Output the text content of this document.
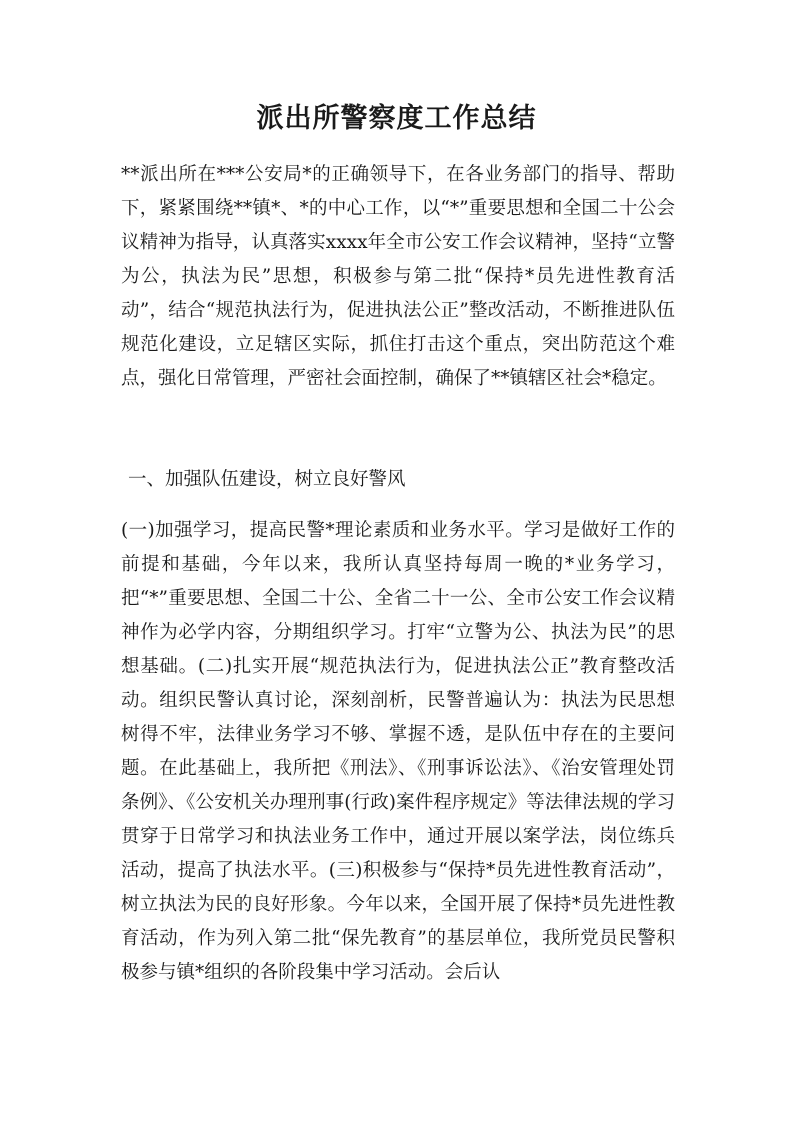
派出所警察度工作总结

**派出所在***公安局*的正确领导下，在各业务部门的指导、帮助下，紧紧围绕**镇*、*的中心工作，以“*”重要思想和全国二十公会议精神为指导，认真落实xxxx年全市公安工作会议精神，坚持“立警为公，执法为民”思想，积极参与第二批“保持*员先进性教育活动”，结合“规范执法行为，促进执法公正”整改活动，不断推进队伍规范化建设，立足辖区实际，抓住打击这个重点，突出防范这个难点，强化日常管理，严密社会面控制，确保了**镇辖区社会*稳定。

一、加强队伍建设，树立良好警风

(一)加强学习，提高民警*理论素质和业务水平。学习是做好工作的前提和基础，今年以来，我所认真坚持每周一晚的*业务学习，把“*”重要思想、全国二十公、全省二十一公、全市公安工作会议精神作为必学内容，分期组织学习。打牢“立警为公、执法为民”的思想基础。(二)扎实开展“规范执法行为，促进执法公正”教育整改活动。组织民警认真讨论，深刻剖析，民警普遍认为：执法为民思想树得不牢，法律业务学习不够、掌握不透，是队伍中存在的主要问题。在此基础上，我所把《刑法》、《刑事诉讼法》、《治安管理处罚条例》、《公安机关办理刑事(行政)案件程序规定》等法律法规的学习贯穿于日常学习和执法业务工作中，通过开展以案学法，岗位练兵活动，提高了执法水平。(三)积极参与“保持*员先进性教育活动”，树立执法为民的良好形象。今年以来，全国开展了保持*员先进性教育活动，作为列入第二批“保先教育”的基层单位，我所党员民警积极参与镇*组织的各阶段集中学习活动。会后认
